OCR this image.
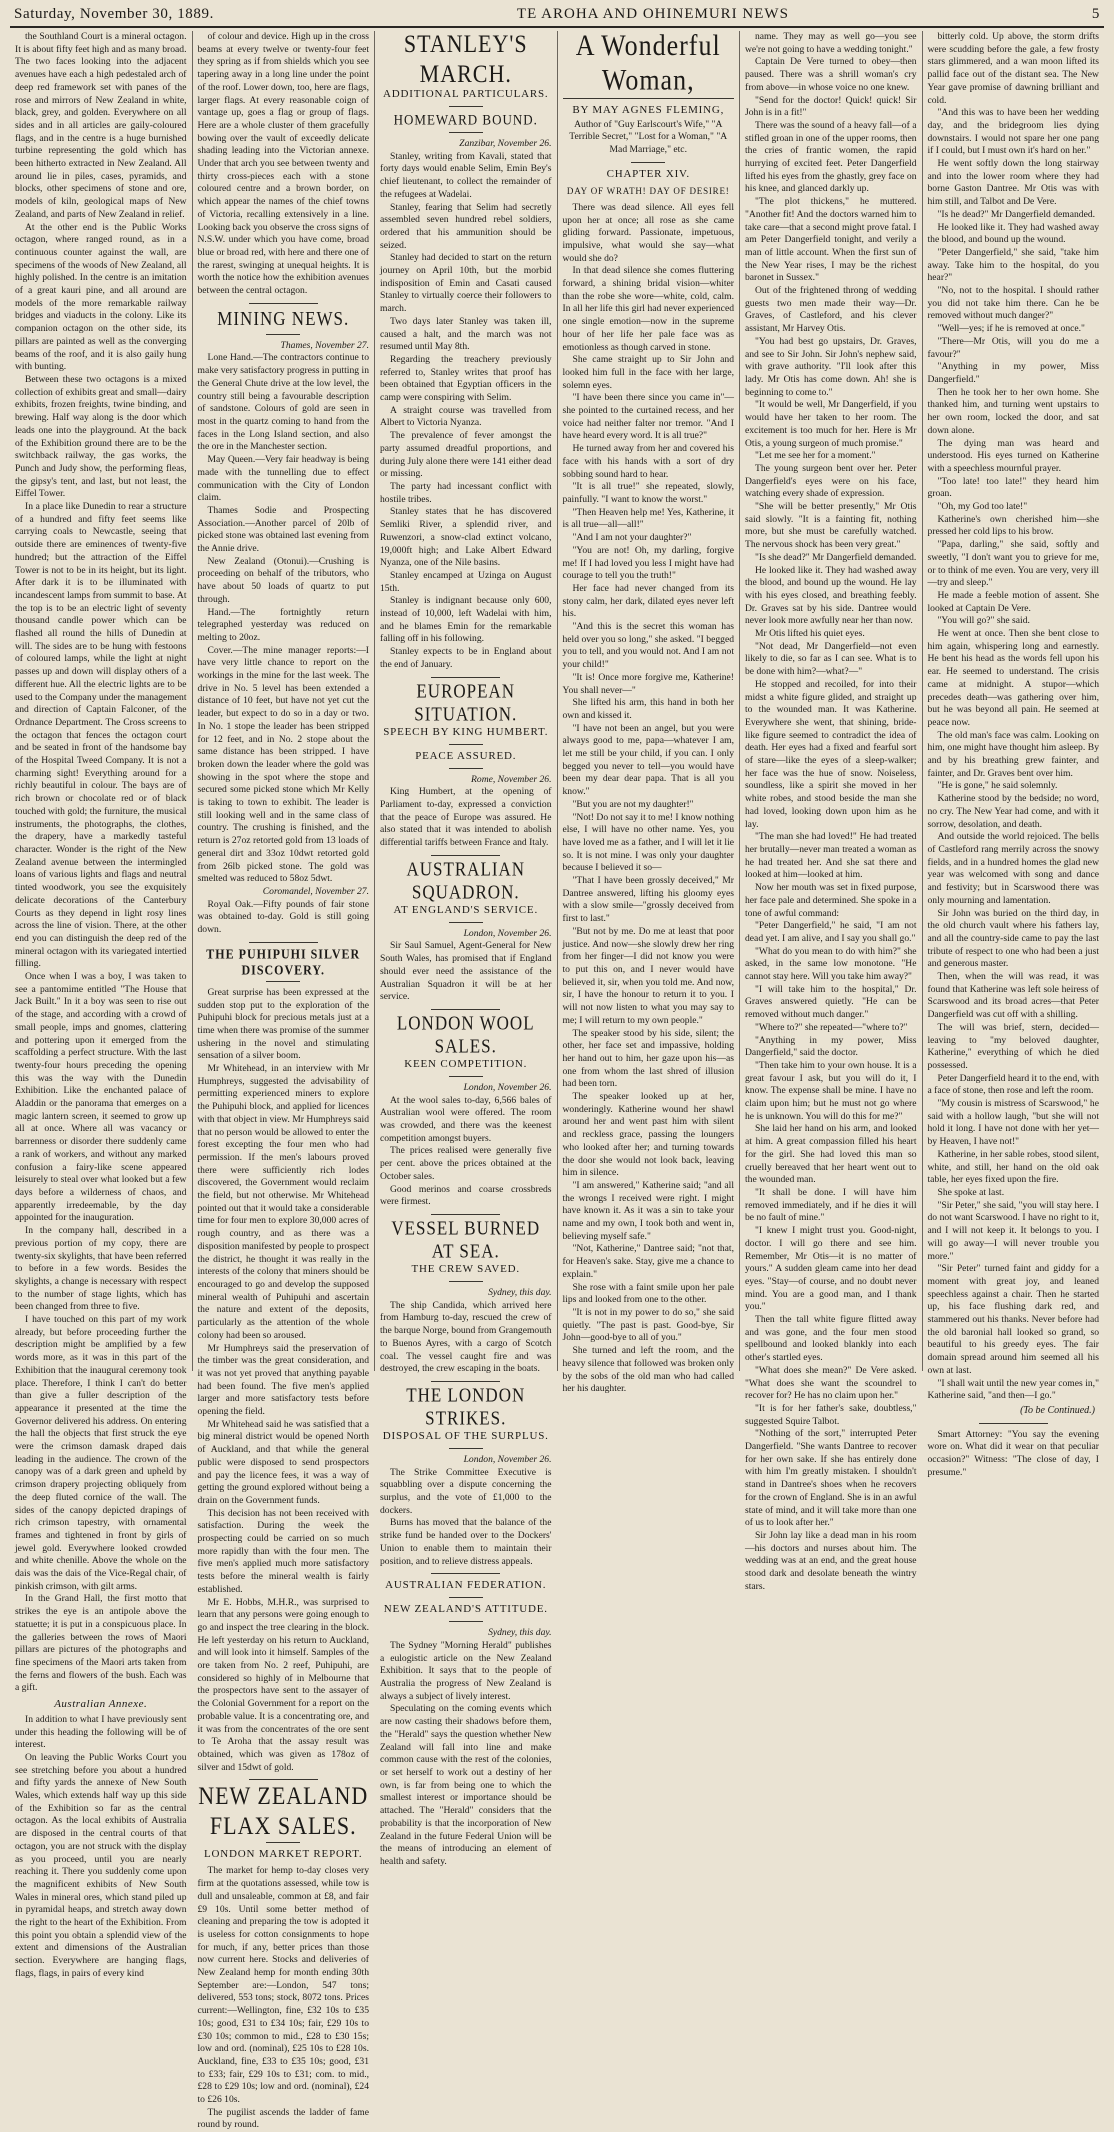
Saturday, November 30, 1889.	TE AROHA AND OHINEMURI NEWS	5

the Southland Court is a mineral octagon. It is about fifty feet high and as many broad. The two faces looking into the adjacent avenues have each a high pedestaled arch of deep red framework set with panes of the rose and mirrors of New Zealand in white, black, grey, and golden. Everywhere on all sides and in all articles are gaily-coloured flags, and in the centre is a huge burnished turbine representing the gold which has been hitherto extracted in New Zealand. All around lie in piles, cases, pyramids, and blocks, other specimens of stone and ore, models of kiln, geological maps of New Zealand, and parts of New Zealand in relief.

At the other end is the Public Works octagon, where ranged round, as in a continuous counter against the wall, are specimens of the woods of New Zealand, all highly polished. In the centre is an imitation of a great kauri pine, and all around are models of the more remarkable railway bridges and viaducts in the colony. Like its companion octagon on the other side, its pillars are painted as well as the converging beams of the roof, and it is also gaily hung with bunting.

Between these two octagons is a mixed collection of exhibits great and small—dairy exhibits, frozen freights, twine binding, and brewing. Half way along is the door which leads one into the playground. At the back of the Exhibition ground there are to be the switchback railway, the gas works, the Punch and Judy show, the performing fleas, the gipsy's tent, and last, but not least, the Eiffel Tower.

In a place like Dunedin to rear a structure of a hundred and fifty feet seems like carrying coals to Newcastle, seeing that outside there are eminences of twenty-five hundred; but the attraction of the Eiffel Tower is not to be in its height, but its light. After dark it is to be illuminated with incandescent lamps from summit to base. At the top is to be an electric light of seventy thousand candle power which can be flashed all round the hills of Dunedin at will. The sides are to be hung with festoons of coloured lamps, while the light at night passes up and down will display others of a different hue. All the electric lights are to be used to the Company under the management and direction of Captain Falconer, of the Ordnance Department. The Cross screens to the octagon that fences the octagon court and be seated in front of the handsome bay of the Hospital Tweed Company. It is not a charming sight! Everything around for a richly beautiful in colour. The bays are of rich brown or chocolate red or of black touched with gold; the furniture, the musical instruments, the photographs, the clothes, the drapery, have a markedly tasteful character. Wonder is the right of the New Zealand avenue between the intermingled loans of various lights and flags and neutral tinted woodwork, you see the exquisitely delicate decorations of the Canterbury Courts as they depend in light rosy lines across the line of vision. There, at the other end you can distinguish the deep red of the mineral octagon with its variegated intertied filling.

Once when I was a boy, I was taken to see a pantomime entitled "The House that Jack Built." In it a boy was seen to rise out of the stage, and according with a crowd of small people, imps and gnomes, clattering and pottering upon it emerged from the scaffolding a perfect structure. With the last twenty-four hours preceding the opening this was the way with the Dunedin Exhibition. Like the enchanted palace of Aladdin or the panorama that emerges on a magic lantern screen, it seemed to grow up all at once. Where all was vacancy or barrenness or disorder there suddenly came a rank of workers, and without any marked confusion a fairy-like scene appeared leisurely to steal over what looked but a few days before a wilderness of chaos, and apparently irredeemable, by the day appointed for the inauguration.

In the company hall, described in a previous portion of my copy, there are twenty-six skylights, that have been referred to before in a few words. Besides the skylights, a change is necessary with respect to the number of stage lights, which has been changed from three to five.

I have touched on this part of my work already, but before proceeding further the description might be amplified by a few words more, as it was in this part of the Exhibition that the inaugural ceremony took place. Therefore, I think I can't do better than give a fuller description of the appearance it presented at the time the Governor delivered his address. On entering the hall the objects that first struck the eye were the crimson damask draped dais leading in the audience. The crown of the canopy was of a dark green and upheld by crimson drapery projecting obliquely from the deep fluted cornice of the wall. The sides of the canopy depicted drapings of rich crimson tapestry, with ornamental frames and tightened in front by girls of jewel gold. Everywhere looked crowded and white chenille. Above the whole on the dais was the dais of the Vice-Regal chair, of pinkish crimson, with gilt arms.

In the Grand Hall, the first motto that strikes the eye is an antipole above the statuette; it is put in a conspicuous place. In the galleries between the rows of Maori pillars are pictures of the photographs and fine specimens of the Maori arts taken from the ferns and flowers of the bush. Each was a gift.

Australian Annexe.

In addition to what I have previously sent under this heading the following will be of interest.

On leaving the Public Works Court you see stretching before you about a hundred and fifty yards the annexe of New South Wales, which extends half way up this side of the Exhibition so far as the central octagon. As the local exhibits of Australia are disposed in the central courts of that octagon, you are not struck with the display as you proceed, until you are nearly reaching it. There you suddenly come upon the magnificent exhibits of New South Wales in mineral ores, which stand piled up in pyramidal heaps, and stretch away down the right to the heart of the Exhibition. From this point you obtain a splendid view of the extent and dimensions of the Australian section. Everywhere are hanging flags, flags, flags, in pairs of every kind

of colour and device. High up in the cross beams at every twelve or twenty-four feet they spring as if from shields which you see tapering away in a long line under the point of the roof. Lower down, too, here are flags, larger flags. At every reasonable coign of vantage up, goes a flag or group of flags. Here are a whole cluster of them gracefully bowing over the vault of exceedly delicate shading leading into the Victorian annexe. Under that arch you see between twenty and thirty cross-pieces each with a stone coloured centre and a brown border, on which appear the names of the chief towns of Victoria, recalling extensively in a line. Looking back you observe the cross signs of N.S.W. under which you have come, broad blue or broad red, with here and there one of the rarest, swinging at unequal heights. It is worth the notice how the exhibition avenues between the central octagon.

MINING NEWS.

Thames, November 27.

Lone Hand.—The contractors continue to make very satisfactory progress in putting in the General Chute drive at the low level, the country still being a favourable description of sandstone. Colours of gold are seen in most in the quartz coming to hand from the faces in the Long Island section, and also the ore in the Manchester section.

May Queen.—Very fair headway is being made with the tunnelling due to effect communication with the City of London claim.

Thames Sodie and Prospecting Association.—Another parcel of 20lb of picked stone was obtained last evening from the Annie drive.

New Zealand (Otonui).—Crushing is proceeding on behalf of the tributors, who have about 50 loads of quartz to put through.

Hand.—The fortnightly return telegraphed yesterday was reduced on melting to 20oz.

Cover.—The mine manager reports:—I have very little chance to report on the workings in the mine for the last week. The drive in No. 5 level has been extended a distance of 10 feet, but have not yet cut the leader, but expect to do so in a day or two. In No. 1 stope the leader has been stripped for 12 feet, and in No. 2 stope about the same distance has been stripped. I have broken down the leader where the gold was showing in the spot where the stope and secured some picked stone which Mr Kelly is taking to town to exhibit. The leader is still looking well and in the same class of country. The crushing is finished, and the return is 27oz retorted gold from 13 loads of general dirt and 33oz 10dwt retorted gold from 26lb picked stone. The gold was smelted was reduced to 58oz 5dwt.

Coromandel, November 27.

Royal Oak.—Fifty pounds of fair stone was obtained to-day. Gold is still going down.

THE PUHIPUHI SILVER DISCOVERY.

Great surprise has been expressed at the sudden stop put to the exploration of the Puhipuhi block for precious metals just at a time when there was promise of the summer ushering in the novel and stimulating sensation of a silver boom.

Mr Whitehead, in an interview with Mr Humphreys, suggested the advisability of permitting experienced miners to explore the Puhipuhi block, and applied for licences with that object in view. Mr Humphreys said that no person would be allowed to enter the forest excepting the four men who had permission. If the men's labours proved there were sufficiently rich lodes discovered, the Government would reclaim the field, but not otherwise. Mr Whitehead pointed out that it would take a considerable time for four men to explore 30,000 acres of rough country, and as there was a disposition manifested by people to prospect the district, he thought it was really in the interests of the colony that miners should be encouraged to go and develop the supposed mineral wealth of Puhipuhi and ascertain the nature and extent of the deposits, particularly as the attention of the whole colony had been so aroused.

Mr Humphreys said the preservation of the timber was the great consideration, and it was not yet proved that anything payable had been found. The five men's applied larger and more satisfactory tests before opening the field.

Mr Whitehead said he was satisfied that a big mineral district would be opened North of Auckland, and that while the general public were disposed to send prospectors and pay the licence fees, it was a way of getting the ground explored without being a drain on the Government funds.

This decision has not been received with satisfaction. During the week the prospecting could be carried on so much more rapidly than with the four men. The five men's applied much more satisfactory tests before the mineral wealth is fairly established.

Mr E. Hobbs, M.H.R., was surprised to learn that any persons were going enough to go and inspect the tree clearing in the block. He left yesterday on his return to Auckland, and will look into it himself. Samples of the ore taken from No. 2 reef, Puhipuhi, are considered so highly of in Melbourne that the prospectors have sent to the assayer of the Colonial Government for a report on the probable value. It is a concentrating ore, and it was from the concentrates of the ore sent to Te Aroha that the assay result was obtained, which was given as 178oz of silver and 15dwt of gold.

NEW ZEALAND FLAX SALES.
LONDON MARKET REPORT.

The market for hemp to-day closes very firm at the quotations assessed, while tow is dull and unsaleable, common at £8, and fair £9 10s. Until some better method of cleaning and preparing the tow is adopted it is useless for cotton consignments to hope for much, if any, better prices than those now current here. Stocks and deliveries of New Zealand hemp for month ending 30th September are:—London, 547 tons; delivered, 553 tons; stock, 8072 tons. Prices current:—Wellington, fine, £32 10s to £35 10s; good, £31 to £34 10s; fair, £29 10s to £30 10s; common to mid., £28 to £30 15s; low and ord. (nominal), £25 10s to £28 10s. Auckland, fine, £33 to £35 10s; good, £31 to £33; fair, £29 10s to £31; com. to mid., £28 to £29 10s; low and ord. (nominal), £24 to £26 10s.

The pugilist ascends the ladder of fame round by round.

STANLEY'S MARCH.
ADDITIONAL PARTICULARS.
HOMEWARD BOUND.

Zanzibar, November 26.

Stanley, writing from Kavali, stated that forty days would enable Selim, Emin Bey's chief lieutenant, to collect the remainder of the refugees at Wadelai.

Stanley, fearing that Selim had secretly assembled seven hundred rebel soldiers, ordered that his ammunition should be seized.

Stanley had decided to start on the return journey on April 10th, but the morbid indisposition of Emin and Casati caused Stanley to virtually coerce their followers to march.

Two days later Stanley was taken ill, caused a halt, and the march was not resumed until May 8th.

Regarding the treachery previously referred to, Stanley writes that proof has been obtained that Egyptian officers in the camp were conspiring with Selim.

A straight course was travelled from Albert to Victoria Nyanza.

The prevalence of fever amongst the party assumed dreadful proportions, and during July alone there were 141 either dead or missing.

The party had incessant conflict with hostile tribes.

Stanley states that he has discovered Semliki River, a splendid river, and Ruwenzori, a snow-clad extinct volcano, 19,000ft high; and Lake Albert Edward Nyanza, one of the Nile basins.

Stanley encamped at Uzinga on August 15th.

Stanley is indignant because only 600, instead of 10,000, left Wadelai with him, and he blames Emin for the remarkable falling off in his following.

Stanley expects to be in England about the end of January.

EUROPEAN SITUATION.
SPEECH BY KING HUMBERT.
PEACE ASSURED.

Rome, November 26.

King Humbert, at the opening of Parliament to-day, expressed a conviction that the peace of Europe was assured. He also stated that it was intended to abolish differential tariffs between France and Italy.

AUSTRALIAN SQUADRON.
AT ENGLAND'S SERVICE.

London, November 26.

Sir Saul Samuel, Agent-General for New South Wales, has promised that if England should ever need the assistance of the Australian Squadron it will be at her service.

LONDON WOOL SALES.
KEEN COMPETITION.

London, November 26.

At the wool sales to-day, 6,566 bales of Australian wool were offered. The room was crowded, and there was the keenest competition amongst buyers.

The prices realised were generally five per cent. above the prices obtained at the October sales.

Good merinos and coarse crossbreds were firmest.

VESSEL BURNED AT SEA.
THE CREW SAVED.

Sydney, this day.

The ship Candida, which arrived here from Hamburg to-day, rescued the crew of the barque Norge, bound from Grangemouth to Buenos Ayres, with a cargo of Scotch coal. The vessel caught fire and was destroyed, the crew escaping in the boats.

THE LONDON STRIKES.
DISPOSAL OF THE SURPLUS.

London, November 26.

The Strike Committee Executive is squabbling over a dispute concerning the surplus, and the vote of £1,000 to the dockers.

Burns has moved that the balance of the strike fund be handed over to the Dockers' Union to enable them to maintain their position, and to relieve distress appeals.

AUSTRALIAN FEDERATION.
NEW ZEALAND'S ATTITUDE.

Sydney, this day.

The Sydney "Morning Herald" publishes a eulogistic article on the New Zealand Exhibition. It says that to the people of Australia the progress of New Zealand is always a subject of lively interest.

Speculating on the coming events which are now casting their shadows before them, the "Herald" says the question whether New Zealand will fall into line and make common cause with the rest of the colonies, or set herself to work out a destiny of her own, is far from being one to which the smallest interest or importance should be attached. The "Herald" considers that the probability is that the incorporation of New Zealand in the future Federal Union will be the means of introducing an element of health and safety.

A Wonderful Woman,
BY MAY AGNES FLEMING,

Author of "Guy Earlscourt's Wife," "A Terrible Secret," "Lost for a Woman," "A Mad Marriage," etc.

CHAPTER XIV.
DAY OF WRATH! DAY OF DESIRE!

There was dead silence. All eyes fell upon her at once; all rose as she came gliding forward. Passionate, impetuous, impulsive, what would she say—what would she do?

In that dead silence she comes fluttering forward, a shining bridal vision—whiter than the robe she wore—white, cold, calm. In all her life this girl had never experienced one single emotion—now in the supreme hour of her life her pale face was as emotionless as though carved in stone.

She came straight up to Sir John and looked him full in the face with her large, solemn eyes.

"I have been there since you came in"—she pointed to the curtained recess, and her voice had neither falter nor tremor. "And I have heard every word. It is all true?"

He turned away from her and covered his face with his hands with a sort of dry sobbing sound hard to hear.

"It is all true!" she repeated, slowly, painfully. "I want to know the worst."

"Then Heaven help me! Yes, Katherine, it is all true—all—all!"

"And I am not your daughter?"

"You are not! Oh, my darling, forgive me! If I had loved you less I might have had courage to tell you the truth!"

Her face had never changed from its stony calm, her dark, dilated eyes never left his.

"And this is the secret this woman has held over you so long," she asked. "I begged you to tell, and you would not. And I am not your child!"

"It is! Once more forgive me, Katherine! You shall never—"

She lifted his arm, this hand in both her own and kissed it.

"I have not been an angel, but you were always good to me, papa—whatever I am, let me still be your child, if you can. I only begged you never to tell—you would have been my dear dear papa. That is all you know."

"But you are not my daughter!"

"Not! Do not say it to me! I know nothing else, I will have no other name. Yes, you have loved me as a father, and I will let it lie so. It is not mine. I was only your daughter because I believed it so—

"That I have been grossly deceived," Mr Dantree answered, lifting his gloomy eyes with a slow smile—"grossly deceived from first to last."

"But not by me. Do me at least that poor justice. And now—she slowly drew her ring from her finger—I did not know you were to put this on, and I never would have believed it, sir, when you told me. And now, sir, I have the honour to return it to you. I will not now listen to what you may say to me; I will return to my own people."

The speaker stood by his side, silent; the other, her face set and impassive, holding her hand out to him, her gaze upon his—as one from whom the last shred of illusion had been torn.

The speaker looked up at her, wonderingly. Katherine wound her shawl around her and went past him with silent and reckless grace, passing the loungers who looked after her; and turning towards the door she would not look back, leaving him in silence.

"I am answered," Katherine said; "and all the wrongs I received were right. I might have known it. As it was a sin to take your name and my own, I took both and went in, believing myself safe."

"Not, Katherine," Dantree said; "not that, for Heaven's sake. Stay, give me a chance to explain."

She rose with a faint smile upon her pale lips and looked from one to the other.

"It is not in my power to do so," she said quietly. "The past is past. Good-bye, Sir John—good-bye to all of you."

She turned and left the room, and the heavy silence that followed was broken only by the sobs of the old man who had called her his daughter.

name. They may as well go—you see we're not going to have a wedding tonight."

Captain De Vere turned to obey—then paused. There was a shrill woman's cry from above—in whose voice no one knew.

"Send for the doctor! Quick! quick! Sir John is in a fit!"

There was the sound of a heavy fall—of a stifled groan in one of the upper rooms, then the cries of frantic women, the rapid hurrying of excited feet. Peter Dangerfield lifted his eyes from the ghastly, grey face on his knee, and glanced darkly up.

"The plot thickens," he muttered. "Another fit! And the doctors warned him to take care—that a second might prove fatal. I am Peter Dangerfield tonight, and verily a man of little account. When the first sun of the New Year rises, I may be the richest baronet in Sussex."

Out of the frightened throng of wedding guests two men made their way—Dr. Graves, of Castleford, and his clever assistant, Mr Harvey Otis.

"You had best go upstairs, Dr. Graves, and see to Sir John. Sir John's nephew said, with grave authority. "I'll look after this lady. Mr Otis has come down. Ah! she is beginning to come to."

"It would be well, Mr Dangerfield, if you would have her taken to her room. The excitement is too much for her. Here is Mr Otis, a young surgeon of much promise."

"Let me see her for a moment."

The young surgeon bent over her. Peter Dangerfield's eyes were on his face, watching every shade of expression.

"She will be better presently," Mr Otis said slowly. "It is a fainting fit, nothing more, but she must be carefully watched. The nervous shock has been very great."

"Is she dead?" Mr Dangerfield demanded.

He looked like it. They had washed away the blood, and bound up the wound. He lay with his eyes closed, and breathing feebly. Dr. Graves sat by his side. Dantree would never look more awfully near her than now.

Mr Otis lifted his quiet eyes.

"Not dead, Mr Dangerfield—not even likely to die, so far as I can see. What is to be done with him?—what?—"

He stopped and recoiled, for into their midst a white figure glided, and straight up to the wounded man. It was Katherine. Everywhere she went, that shining, bride-like figure seemed to contradict the idea of death. Her eyes had a fixed and fearful sort of stare—like the eyes of a sleep-walker; her face was the hue of snow. Noiseless, soundless, like a spirit she moved in her white robes, and stood beside the man she had loved, looking down upon him as he lay.

"The man she had loved!" He had treated her brutally—never man treated a woman as he had treated her. And she sat there and looked at him—looked at him.

Now her mouth was set in fixed purpose, her face pale and determined. She spoke in a tone of awful command:

"Peter Dangerfield," he said, "I am not dead yet. I am alive, and I say you shall go."

"What do you mean to do with him?" she asked, in the same low monotone. "He cannot stay here. Will you take him away?"

"I will take him to the hospital," Dr. Graves answered quietly. "He can be removed without much danger."

"Where to?" she repeated—"where to?"

"Anything in my power, Miss Dangerfield," said the doctor.

"Then take him to your own house. It is a great favour I ask, but you will do it, I know. The expense shall be mine. I have no claim upon him; but he must not go where he is unknown. You will do this for me?"

She laid her hand on his arm, and looked at him. A great compassion filled his heart for the girl. She had loved this man so cruelly bereaved that her heart went out to the wounded man.

"It shall be done. I will have him removed immediately, and if he dies it will be no fault of mine."

"I knew I might trust you. Good-night, doctor. I will go there and see him. Remember, Mr Otis—it is no matter of yours." A sudden gleam came into her dead eyes. "Stay—of course, and no doubt never mind. You are a good man, and I thank you."

Then the tall white figure flitted away and was gone, and the four men stood spellbound and looked blankly into each other's startled eyes.

"What does she mean?" De Vere asked. "What does she want the scoundrel to recover for? He has no claim upon her."

"It is for her father's sake, doubtless," suggested Squire Talbot.

"Nothing of the sort," interrupted Peter Dangerfield. "She wants Dantree to recover for her own sake. If she has entirely done with him I'm greatly mistaken. I shouldn't stand in Dantree's shoes when he recovers for the crown of England. She is in an awful state of mind, and it will take more than one of us to look after her."

Sir John lay like a dead man in his room—his doctors and nurses about him. The wedding was at an end, and the great house stood dark and desolate beneath the wintry stars.

bitterly cold. Up above, the storm drifts were scudding before the gale, a few frosty stars glimmered, and a wan moon lifted its pallid face out of the distant sea. The New Year gave promise of dawning brilliant and cold.

"And this was to have been her wedding day, and the bridegroom lies dying downstairs. I would not spare her one pang if I could, but I must own it's hard on her."

He went softly down the long stairway and into the lower room where they had borne Gaston Dantree. Mr Otis was with him still, and Talbot and De Vere.

"Is he dead?" Mr Dangerfield demanded.

He looked like it. They had washed away the blood, and bound up the wound.

"Peter Dangerfield," she said, "take him away. Take him to the hospital, do you hear?"

"No, not to the hospital. I should rather you did not take him there. Can he be removed without much danger?"

"Well—yes; if he is removed at once."

"There—Mr Otis, will you do me a favour?"

"Anything in my power, Miss Dangerfield."

Then he took her to her own home. She thanked him, and turning went upstairs to her own room, locked the door, and sat down alone.

The dying man was heard and understood. His eyes turned on Katherine with a speechless mournful prayer.

"Too late! too late!" they heard him groan.

"Oh, my God too late!"

Katherine's own cherished him—she pressed her cold lips to his brow.

"Papa, darling," she said, softly and sweetly, "I don't want you to grieve for me, or to think of me even. You are very, very ill—try and sleep."

He made a feeble motion of assent. She looked at Captain De Vere.

"You will go?" she said.

He went at once. Then she bent close to him again, whispering long and earnestly. He bent his head as the words fell upon his ear. He seemed to understand. The crisis came at midnight. A stupor—which precedes death—was gathering over him, but he was beyond all pain. He seemed at peace now.

The old man's face was calm. Looking on him, one might have thought him asleep. By and by his breathing grew fainter, and fainter, and Dr. Graves bent over him.

"He is gone," he said solemnly.

Katherine stood by the bedside; no word, no cry. The New Year had come, and with it sorrow, desolation, and death.

And outside the world rejoiced. The bells of Castleford rang merrily across the snowy fields, and in a hundred homes the glad new year was welcomed with song and dance and festivity; but in Scarswood there was only mourning and lamentation.

Sir John was buried on the third day, in the old church vault where his fathers lay, and all the country-side came to pay the last tribute of respect to one who had been a just and generous master.

Then, when the will was read, it was found that Katherine was left sole heiress of Scarswood and its broad acres—that Peter Dangerfield was cut off with a shilling.

The will was brief, stern, decided—leaving to "my beloved daughter, Katherine," everything of which he died possessed.

Peter Dangerfield heard it to the end, with a face of stone, then rose and left the room.

"My cousin is mistress of Scarswood," he said with a hollow laugh, "but she will not hold it long. I have not done with her yet—by Heaven, I have not!"

Katherine, in her sable robes, stood silent, white, and still, her hand on the old oak table, her eyes fixed upon the fire.

She spoke at last.

"Sir Peter," she said, "you will stay here. I do not want Scarswood. I have no right to it, and I will not keep it. It belongs to you. I will go away—I will never trouble you more."

"Sir Peter" turned faint and giddy for a moment with great joy, and leaned speechless against a chair. Then he started up, his face flushing dark red, and stammered out his thanks. Never before had the old baronial hall looked so grand, so beautiful to his greedy eyes. The fair domain spread around him seemed all his own at last.

"I shall wait until the new year comes in," Katherine said, "and then—I go."

(To be Continued.)

Smart Attorney: "You say the evening wore on. What did it wear on that peculiar occasion?" Witness: "The close of day, I presume."
